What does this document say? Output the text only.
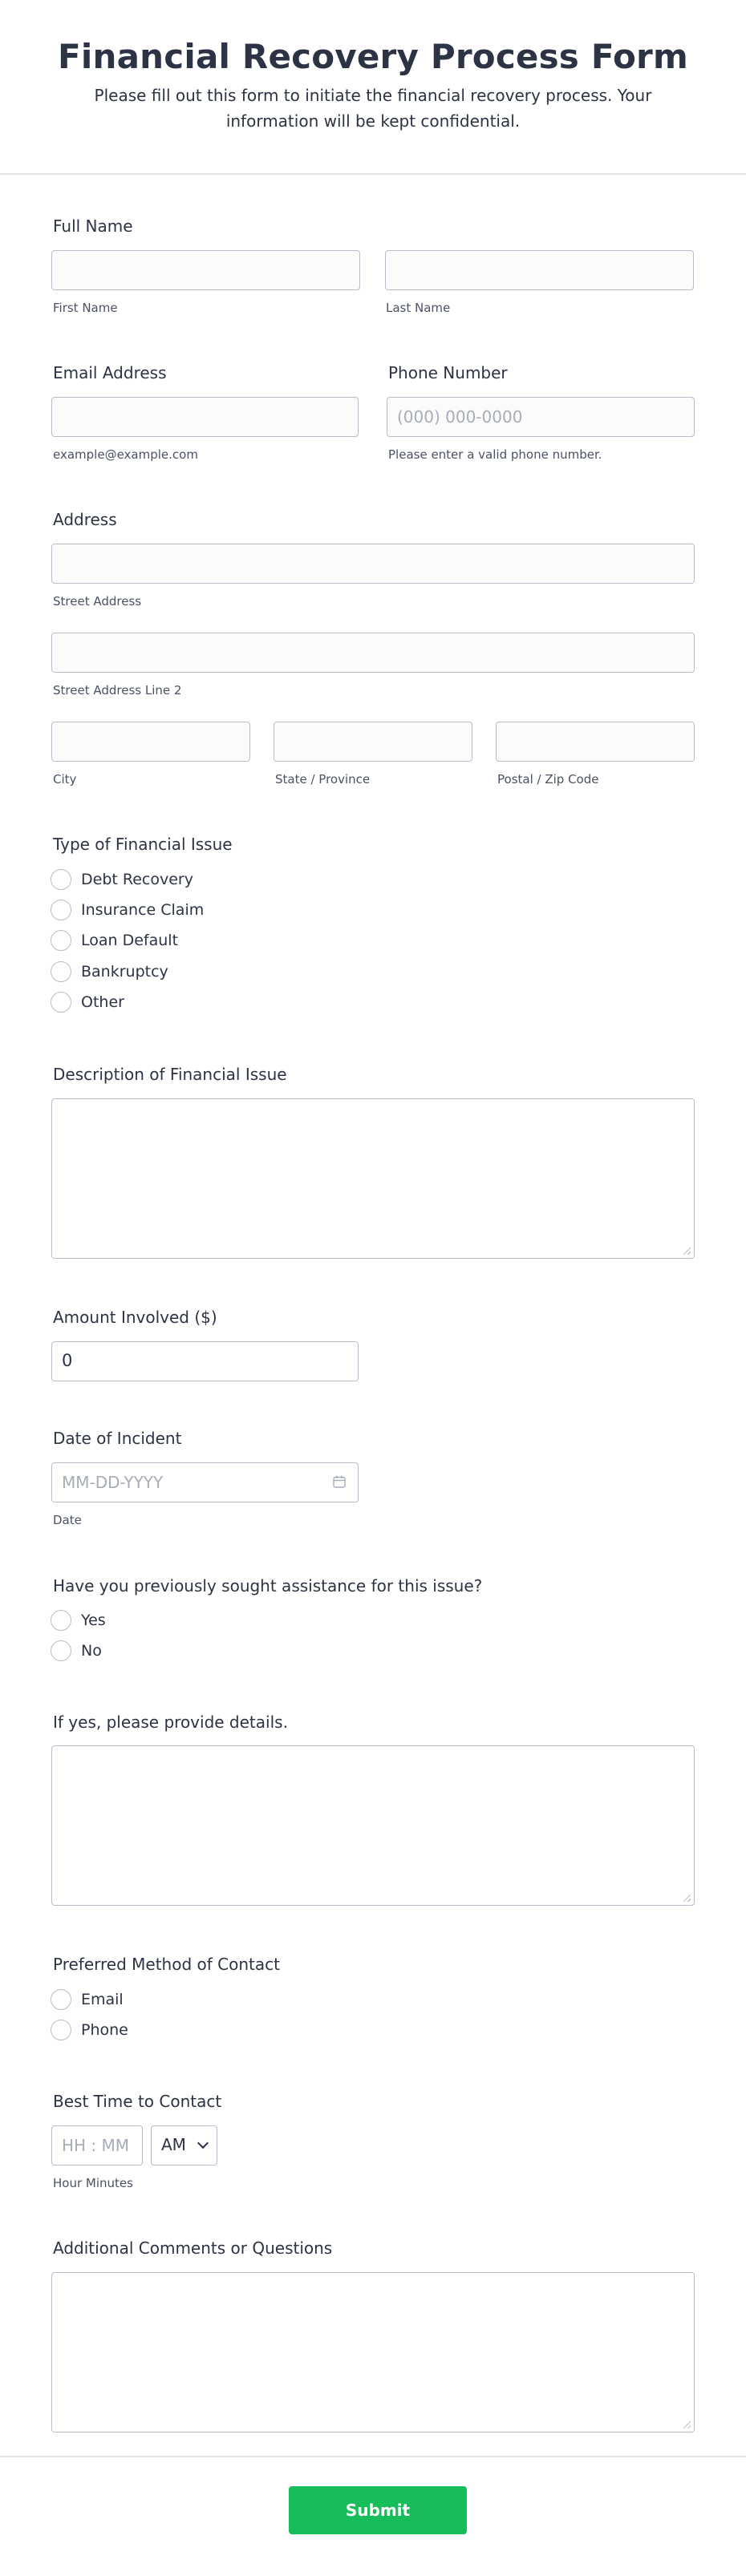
Financial Recovery Process Form
Please fill out this form to initiate the financial recovery process. Your information will be kept confidential.
Full Name
First Name	Last Name
Email Address	Phone Number
(000) 000-0000
example@example.com	Please enter a valid phone number.
Address
Street Address
Street Address Line 2
City	State / Province	Postal / Zip Code
Type of Financial Issue
Debt Recovery
Insurance Claim
Loan Default
Bankruptcy
Other
Description of Financial Issue
Amount Involved ($)
0
Date of Incident
MM-DD-YYYY
Date
Have you previously sought assistance for this issue?
Yes
No
If yes, please provide details.
Preferred Method of Contact
Email
Phone
Best Time to Contact
HH : MM AM
Hour Minutes
Additional Comments or Questions
Submit
